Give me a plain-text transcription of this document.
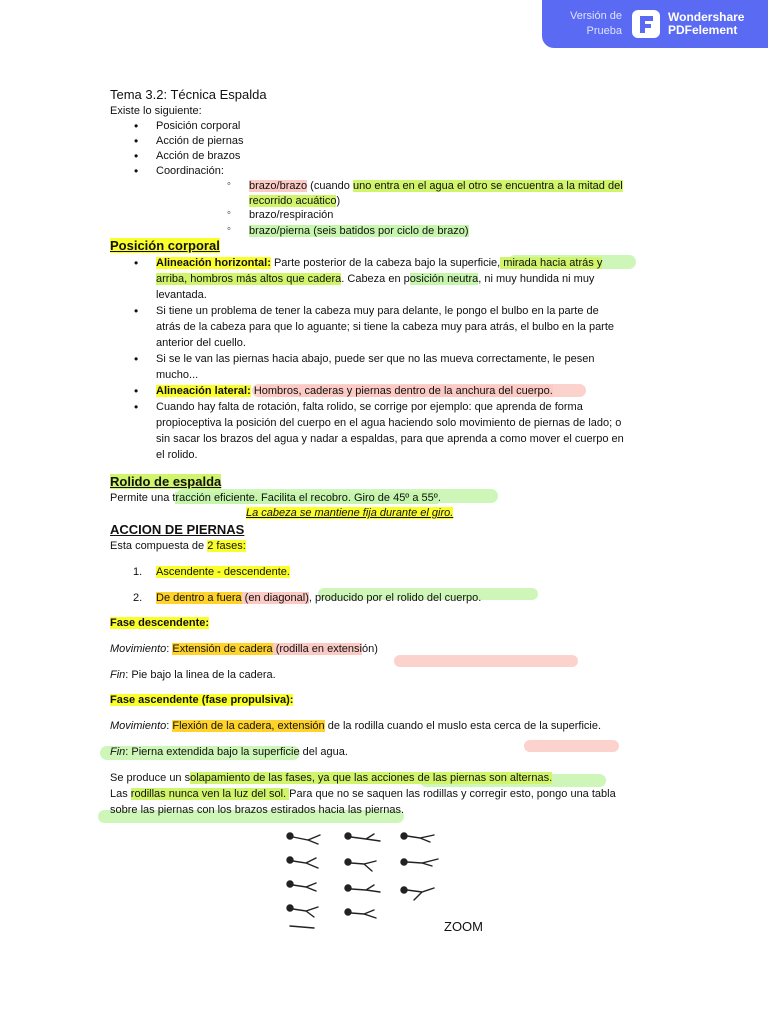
Versión de
Prueba
Wondershare
PDFelement
Tema 3.2: Técnica Espalda
Existe lo siguiente:
• Posición corporal
• Acción de piernas
• Acción de brazos
• Coordinación:
◦ brazo/brazo (cuando uno entra en el agua el otro se encuentra a la mitad del
recorrido acuático)
◦ brazo/respiración
◦ brazo/pierna (seis batidos por ciclo de brazo)
Posición corporal
• Alineación horizontal: Parte posterior de la cabeza bajo la superficie, mirada hacia atrás y
arriba, hombros más altos que cadera. Cabeza en posición neutra, ni muy hundida ni muy
levantada.
• Si tiene un problema de tener la cabeza muy para delante, le pongo el bulbo en la parte de
atrás de la cabeza para que lo aguante; si tiene la cabeza muy para atrás, el bulbo en la parte
anterior del cuello.
• Si se le van las piernas hacia abajo, puede ser que no las mueva correctamente, le pesen
mucho...
• Alineación lateral: Hombros, caderas y piernas dentro de la anchura del cuerpo.
• Cuando hay falta de rotación, falta rolido, se corrige por ejemplo: que aprenda de forma
propioceptiva la posición del cuerpo en el agua haciendo solo movimiento de piernas de lado; o
sin sacar los brazos del agua y nadar a espaldas, para que aprenda a como mover el cuerpo en
el rolido.
Rolido de espalda
Permite una tracción eficiente. Facilita el recobro. Giro de 45º a 55º.
La cabeza se mantiene fija durante el giro.
ACCION DE PIERNAS
Esta compuesta de 2 fases:
1. Ascendente - descendente.
2. De dentro a fuera (en diagonal), producido por el rolido del cuerpo.
Fase descendente:
Movimiento: Extensión de cadera (rodilla en extensión)
Fin: Pie bajo la linea de la cadera.
Fase ascendente (fase propulsiva):
Movimiento: Flexión de la cadera, extensión de la rodilla cuando el muslo esta cerca de la superficie.
Fin: Pierna extendida bajo la superficie del agua.
Se produce un solapamiento de las fases, ya que las acciones de las piernas son alternas.
Las rodillas nunca ven la luz del sol. Para que no se saquen las rodillas y corregir esto, pongo una tabla
sobre las piernas con los brazos estirados hacia las piernas.
ZOOM
